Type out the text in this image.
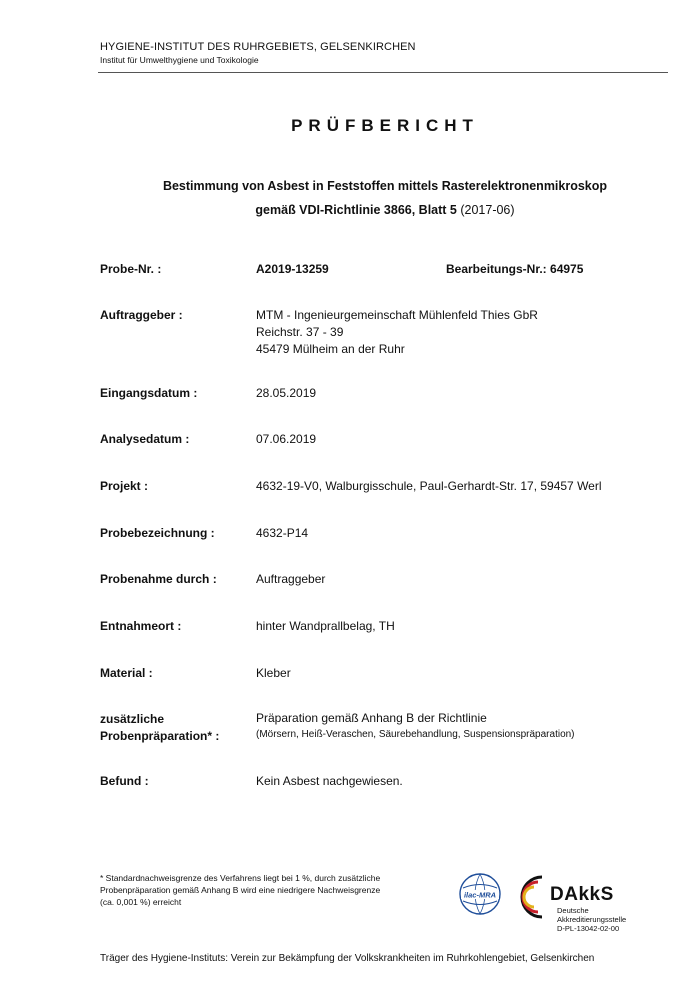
HYGIENE-INSTITUT DES RUHRGEBIETS, GELSENKIRCHEN
Institut für Umwelthygiene und Toxikologie
PRÜFBERICHT
Bestimmung von Asbest in Feststoffen mittels Rasterelektronenmikroskop
gemäß VDI-Richtlinie 3866, Blatt 5 (2017-06)
Probe-Nr. :	A2019-13259	Bearbeitungs-Nr.: 64975
Auftraggeber :	MTM - Ingenieurgemeinschaft Mühlenfeld Thies GbR
Reichstr. 37 - 39
45479 Mülheim an der Ruhr
Eingangsdatum :	28.05.2019
Analysedatum :	07.06.2019
Projekt :	4632-19-V0, Walburgisschule, Paul-Gerhardt-Str. 17, 59457 Werl
Probebezeichnung :	4632-P14
Probenahme durch :	Auftraggeber
Entnahmeort :	hinter Wandprallbelag, TH
Material :	Kleber
zusätzliche
Probenpräparation* :
Präparation gemäß Anhang B der Richtlinie
(Mörsern, Heiß-Veraschen, Säurebehandlung, Suspensionspräparation)
Befund :	Kein Asbest nachgewiesen.
* Standardnachweisgrenze des Verfahrens liegt bei 1 %, durch zusätzliche
Probenpräparation gemäß Anhang B wird eine niedrigere Nachweisgrenze
(ca. 0,001 %) erreicht
ilac-MRA	DAkkS
Deutsche
Akkreditierungsstelle
D-PL-13042-02-00
Träger des Hygiene-Instituts: Verein zur Bekämpfung der Volkskrankheiten im Ruhrkohlengebiet, Gelsenkirchen
